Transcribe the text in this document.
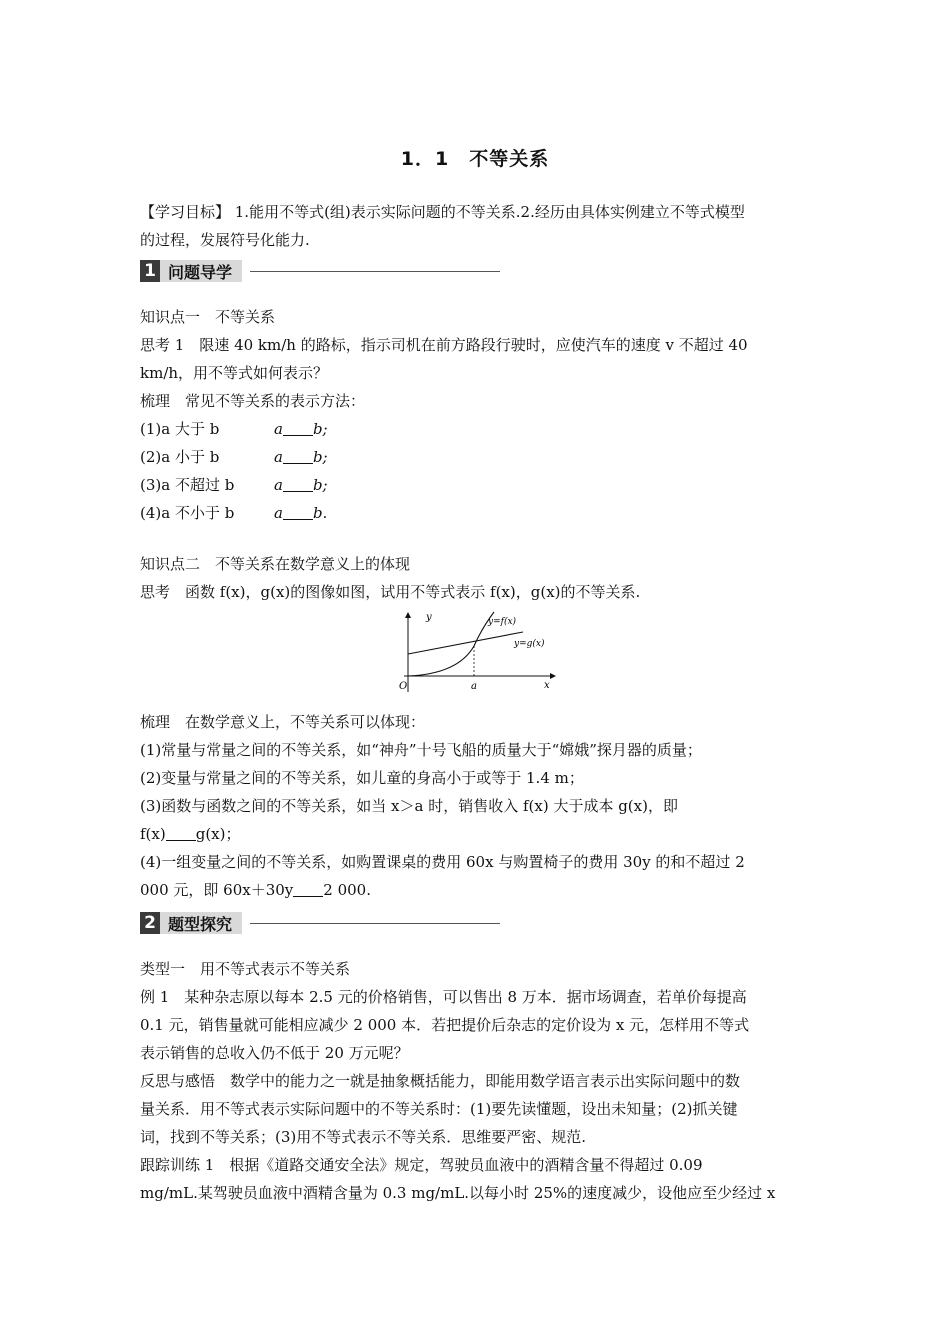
1．1　不等关系
【学习目标】 1.能用不等式(组)表示实际问题的不等关系.2.经历由具体实例建立不等式模型
的过程，发展符号化能力.
1 问题导学
知识点一　不等关系
思考 1　限速 40 km/h 的路标，指示司机在前方路段行驶时，应使汽车的速度 v 不超过 40
km/h，用不等式如何表示？
梳理　常见不等关系的表示方法：
(1)a 大于 b	a b;
(2)a 小于 b	a b;
(3)a 不超过 b	a b;
(4)a 不小于 b	a b.
知识点二　不等关系在数学意义上的体现
思考　函数 f(x)，g(x)的图像如图，试用不等式表示 f(x)，g(x)的不等关系.
y
x
O	a
y=f(x)
y=g(x)
梳理　在数学意义上，不等关系可以体现：
(1)常量与常量之间的不等关系，如“神舟”十号飞船的质量大于“嫦娥”探月器的质量；
(2)变量与常量之间的不等关系，如儿童的身高小于或等于 1.4 m；
(3)函数与函数之间的不等关系，如当 x＞a 时，销售收入 f(x) 大于成本 g(x)，即
f(x) g(x)；
(4)一组变量之间的不等关系，如购置课桌的费用 60x 与购置椅子的费用 30y 的和不超过 2
000 元，即 60x＋30y 2 000.
2 题型探究
类型一　用不等式表示不等关系
例 1　某种杂志原以每本 2.5 元的价格销售，可以售出 8 万本．据市场调查，若单价每提高
0.1 元，销售量就可能相应减少 2 000 本．若把提价后杂志的定价设为 x 元，怎样用不等式
表示销售的总收入仍不低于 20 万元呢？
反思与感悟　数学中的能力之一就是抽象概括能力，即能用数学语言表示出实际问题中的数
量关系．用不等式表示实际问题中的不等关系时：(1)要先读懂题，设出未知量；(2)抓关键
词，找到不等关系；(3)用不等式表示不等关系．思维要严密、规范.
跟踪训练 1　根据《道路交通安全法》规定，驾驶员血液中的酒精含量不得超过 0.09
mg/mL.某驾驶员血液中酒精含量为 0.3 mg/mL.以每小时 25%的速度减少，设他应至少经过 x
